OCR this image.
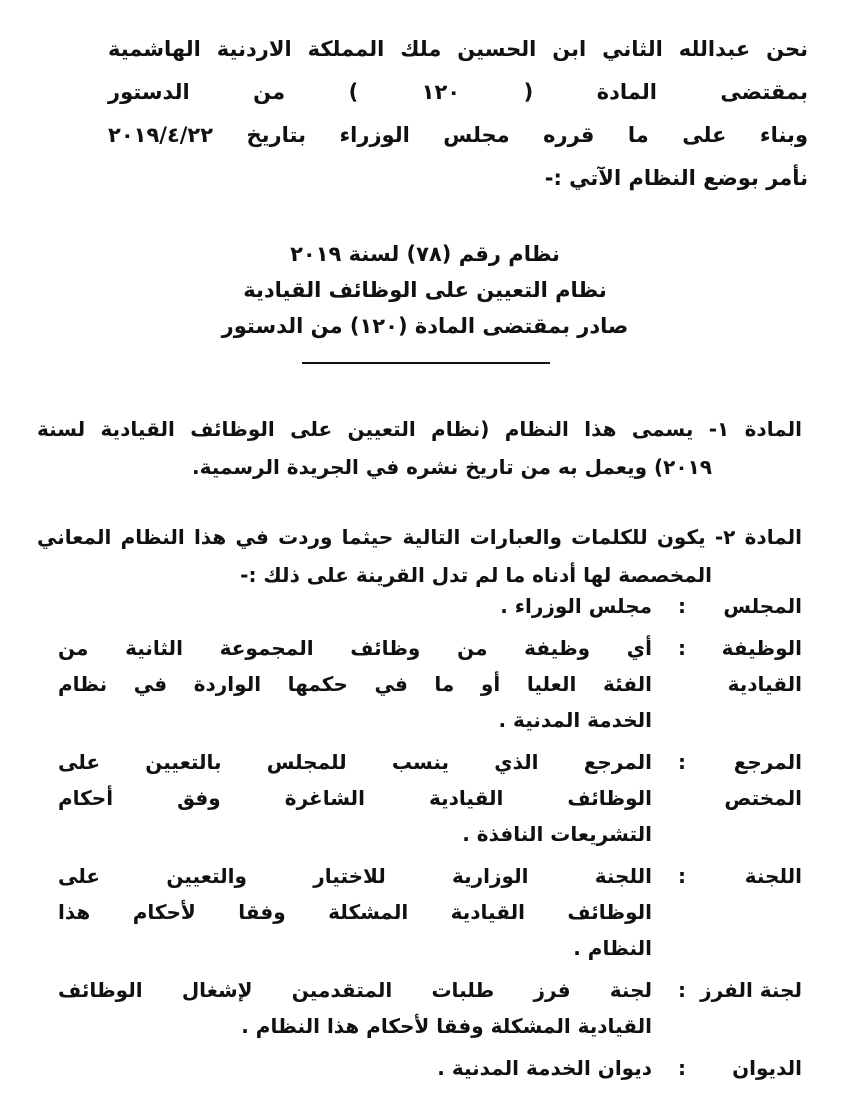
نحن عبدالله الثاني ابن الحسين ملك المملكة الاردنية الهاشمية
بمقتضى المادة ( ١٢٠ ) من الدستور
وبناء على ما قرره مجلس الوزراء بتاريخ ٢٠١٩/٤/٢٢
نأمر بوضع النظام الآتي :-
نظام رقم (٧٨) لسنة ٢٠١٩
نظام التعيين على الوظائف القيادية
صادر بمقتضى المادة (١٢٠) من الدستور
المادة ١- يسمى هذا النظام (نظام التعيين على الوظائف القيادية لسنة
٢٠١٩) ويعمل به من تاريخ نشره في الجريدة الرسمية.
المادة ٢- يكون للكلمات والعبارات التالية حيثما وردت في هذا النظام المعاني
المخصصة لها أدناه ما لم تدل القرينة على ذلك :-
المجلس
:
مجلس الوزراء .
الوظيفة
القيادية
:
أي وظيفة من وظائف المجموعة الثانية من
الفئة العليا أو ما في حكمها الواردة في نظام
الخدمة المدنية .
المرجع
المختص
:
المرجع الذي ينسب للمجلس بالتعيين على
الوظائف القيادية الشاغرة وفق أحكام
التشريعات النافذة .
اللجنة
:
اللجنة الوزارية للاختيار والتعيين على
الوظائف القيادية المشكلة وفقا لأحكام هذا
النظام .
لجنة الفرز
:
لجنة فرز طلبات المتقدمين لإشغال الوظائف
القيادية المشكلة وفقا لأحكام هذا النظام .
الديوان
:
ديوان الخدمة المدنية .
